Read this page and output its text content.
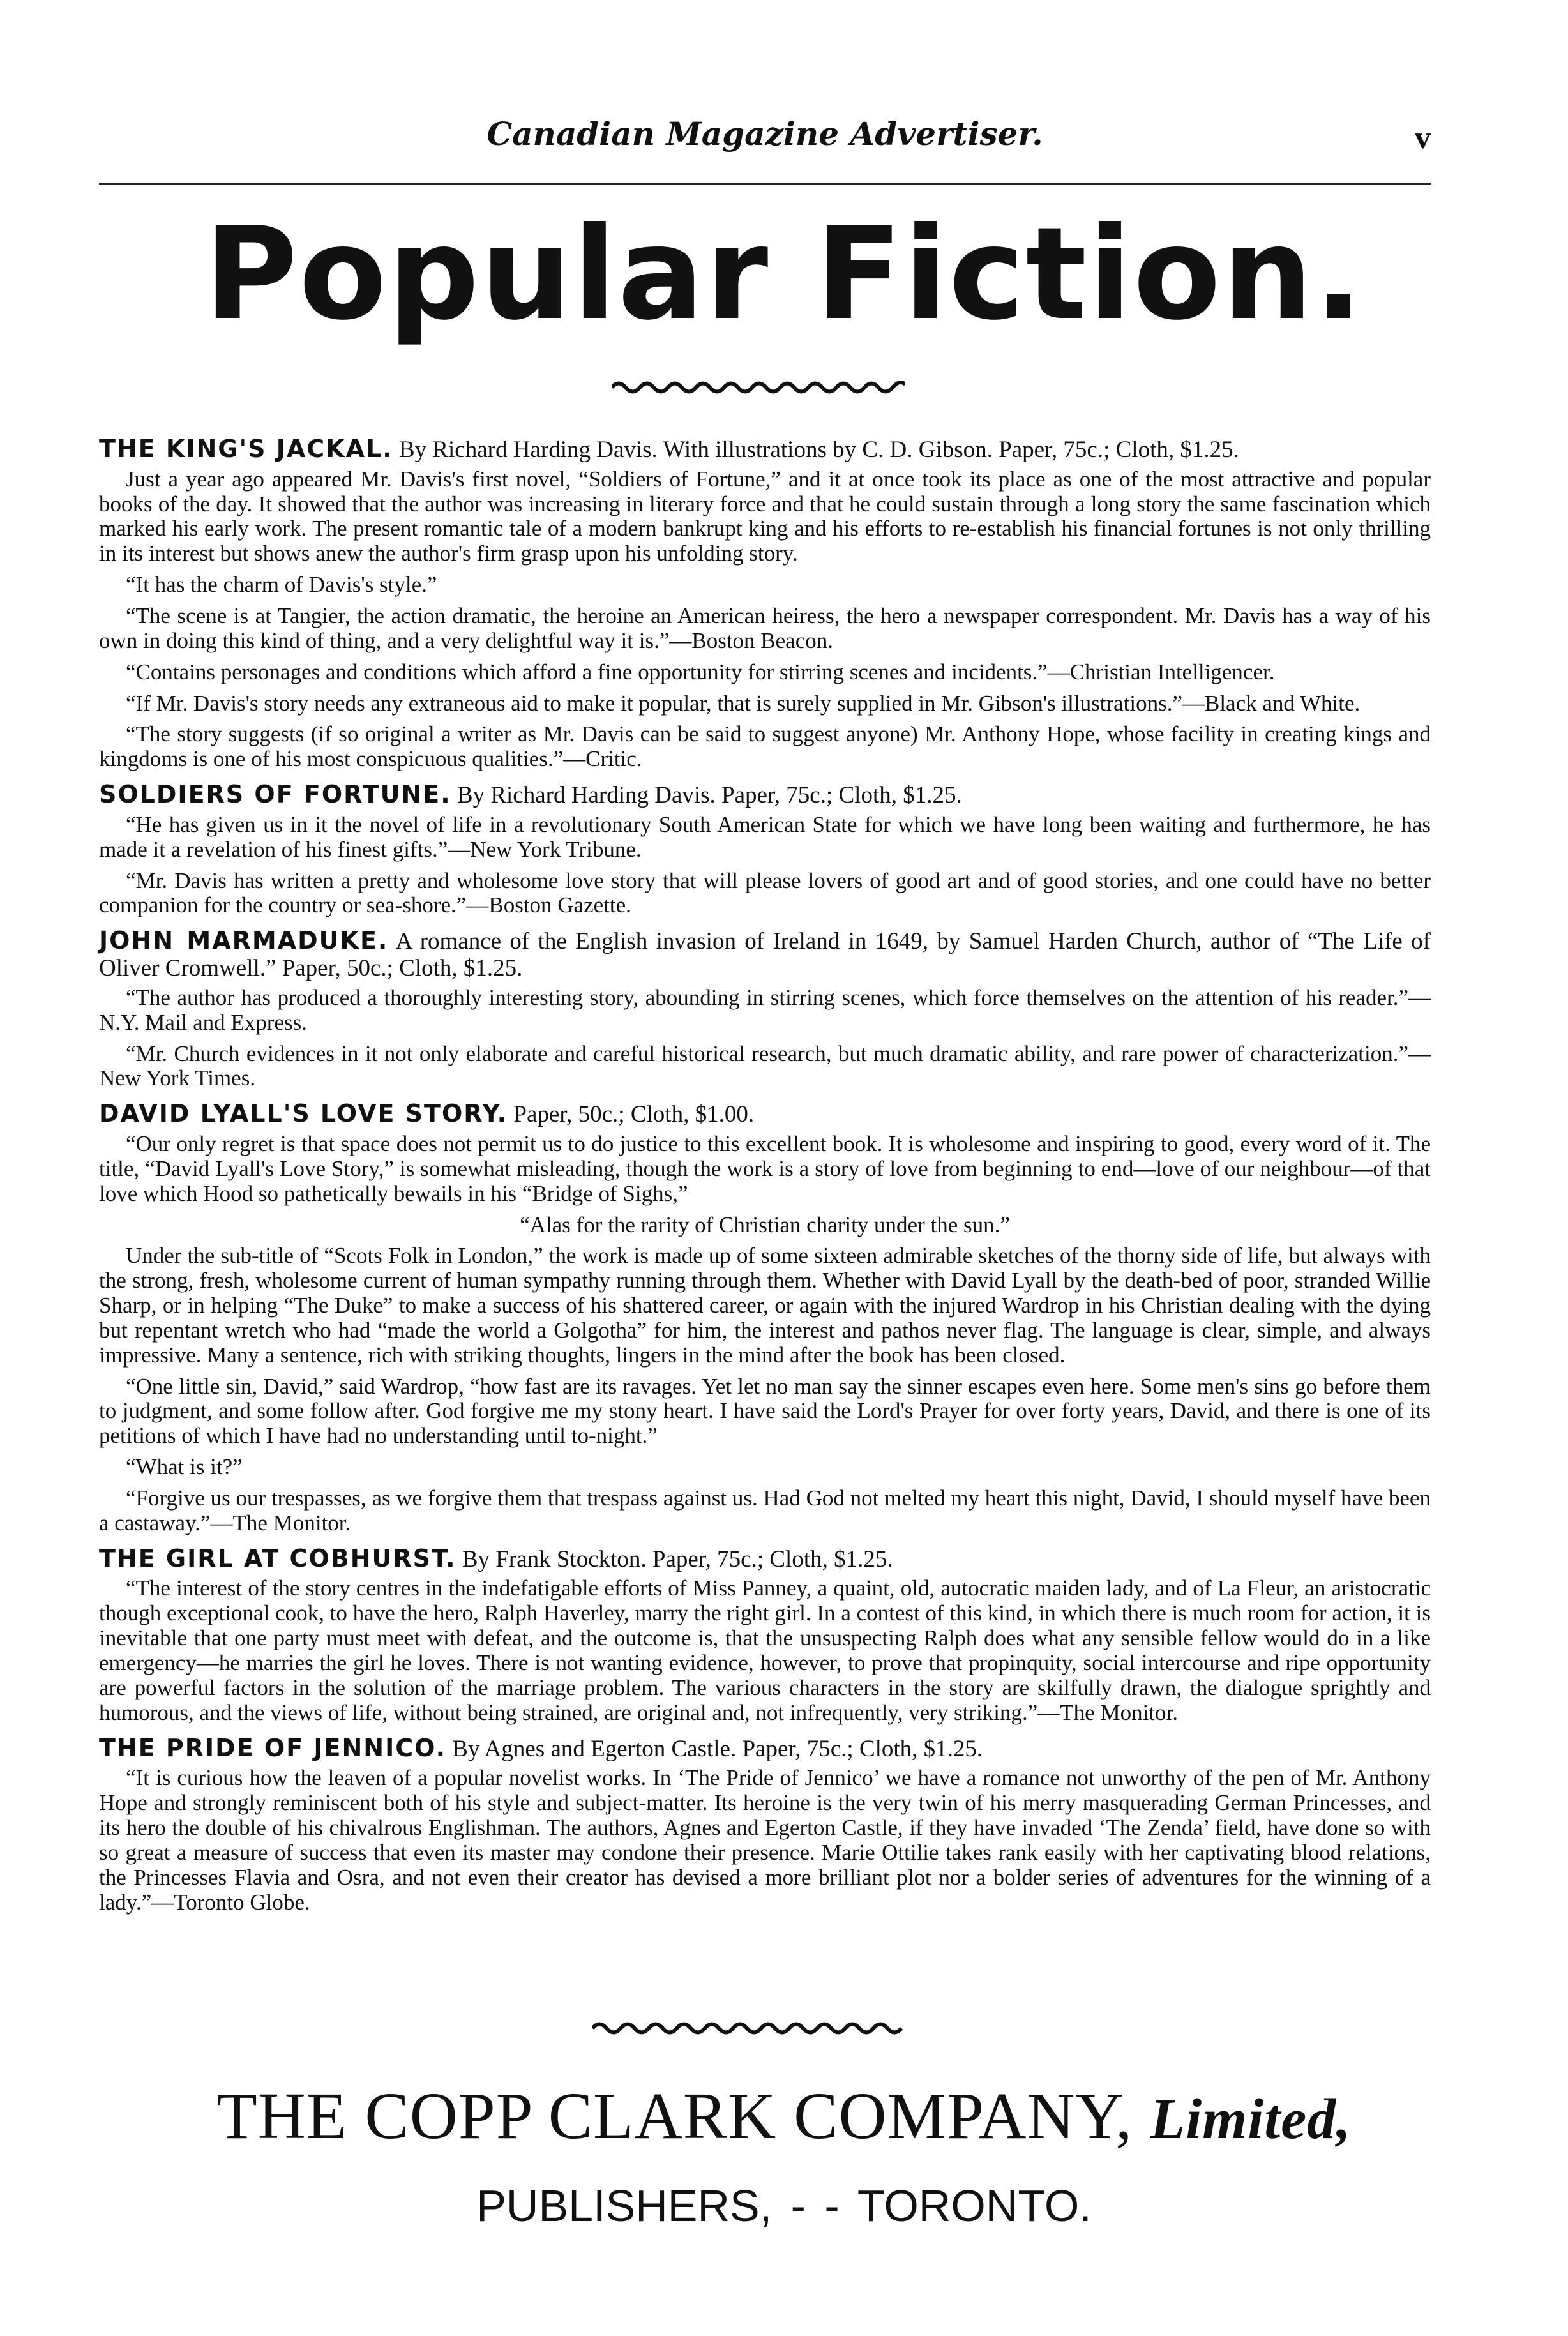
Canadian Magazine Advertiser.	v
Popular Fiction.
THE KING'S JACKAL. By Richard Harding Davis. With illustrations by C. D. Gibson. Paper, 75c.; Cloth, $1.25.

Just a year ago appeared Mr. Davis's first novel, “Soldiers of Fortune,” and it at once took its place as one of the most attractive and popular books of the day. It showed that the author was increasing in literary force and that he could sustain through a long story the same fascination which marked his early work. The present romantic tale of a modern bankrupt king and his efforts to re-establish his financial fortunes is not only thrilling in its interest but shows anew the author's firm grasp upon his unfolding story.

“It has the charm of Davis's style.”

“The scene is at Tangier, the action dramatic, the heroine an American heiress, the hero a newspaper correspondent. Mr. Davis has a way of his own in doing this kind of thing, and a very delightful way it is.”—Boston Beacon.

“Contains personages and conditions which afford a fine opportunity for stirring scenes and incidents.”—Christian Intelligencer.

“If Mr. Davis's story needs any extraneous aid to make it popular, that is surely supplied in Mr. Gibson's illustrations.”—Black and White.

“The story suggests (if so original a writer as Mr. Davis can be said to suggest anyone) Mr. Anthony Hope, whose facility in creating kings and kingdoms is one of his most conspicuous qualities.”—Critic.

SOLDIERS OF FORTUNE. By Richard Harding Davis. Paper, 75c.; Cloth, $1.25.

“He has given us in it the novel of life in a revolutionary South American State for which we have long been waiting and furthermore, he has made it a revelation of his finest gifts.”—New York Tribune.

“Mr. Davis has written a pretty and wholesome love story that will please lovers of good art and of good stories, and one could have no better companion for the country or sea-shore.”—Boston Gazette.

JOHN MARMADUKE. A romance of the English invasion of Ireland in 1649, by Samuel Harden Church, author of “The Life of Oliver Cromwell.” Paper, 50c.; Cloth, $1.25.

“The author has produced a thoroughly interesting story, abounding in stirring scenes, which force themselves on the attention of his reader.”—N.Y. Mail and Express.

“Mr. Church evidences in it not only elaborate and careful historical research, but much dramatic ability, and rare power of characterization.”—New York Times.

DAVID LYALL'S LOVE STORY. Paper, 50c.; Cloth, $1.00.

“Our only regret is that space does not permit us to do justice to this excellent book. It is wholesome and inspiring to good, every word of it. The title, “David Lyall's Love Story,” is somewhat misleading, though the work is a story of love from beginning to end—love of our neighbour—of that love which Hood so pathetically bewails in his “Bridge of Sighs,”

“Alas for the rarity of Christian charity under the sun.”

Under the sub-title of “Scots Folk in London,” the work is made up of some sixteen admirable sketches of the thorny side of life, but always with the strong, fresh, wholesome current of human sympathy running through them. Whether with David Lyall by the death-bed of poor, stranded Willie Sharp, or in helping “The Duke” to make a success of his shattered career, or again with the injured Wardrop in his Christian dealing with the dying but repentant wretch who had “made the world a Golgotha” for him, the interest and pathos never flag. The language is clear, simple, and always impressive. Many a sentence, rich with striking thoughts, lingers in the mind after the book has been closed.

“One little sin, David,” said Wardrop, “how fast are its ravages. Yet let no man say the sinner escapes even here. Some men's sins go before them to judgment, and some follow after. God forgive me my stony heart. I have said the Lord's Prayer for over forty years, David, and there is one of its petitions of which I have had no understanding until to-night.”

“What is it?”

“Forgive us our trespasses, as we forgive them that trespass against us. Had God not melted my heart this night, David, I should myself have been a castaway.”—The Monitor.

THE GIRL AT COBHURST. By Frank Stockton. Paper, 75c.; Cloth, $1.25.

“The interest of the story centres in the indefatigable efforts of Miss Panney, a quaint, old, autocratic maiden lady, and of La Fleur, an aristocratic though exceptional cook, to have the hero, Ralph Haverley, marry the right girl. In a contest of this kind, in which there is much room for action, it is inevitable that one party must meet with defeat, and the outcome is, that the unsuspecting Ralph does what any sensible fellow would do in a like emergency—he marries the girl he loves. There is not wanting evidence, however, to prove that propinquity, social intercourse and ripe opportunity are powerful factors in the solution of the marriage problem. The various characters in the story are skilfully drawn, the dialogue sprightly and humorous, and the views of life, without being strained, are original and, not infrequently, very striking.”—The Monitor.

THE PRIDE OF JENNICO. By Agnes and Egerton Castle. Paper, 75c.; Cloth, $1.25.

“It is curious how the leaven of a popular novelist works. In ‘The Pride of Jennico’ we have a romance not unworthy of the pen of Mr. Anthony Hope and strongly reminiscent both of his style and subject-matter. Its heroine is the very twin of his merry masquerading German Princesses, and its hero the double of his chivalrous Englishman. The authors, Agnes and Egerton Castle, if they have invaded ‘The Zenda’ field, have done so with so great a measure of success that even its master may condone their presence. Marie Ottilie takes rank easily with her captivating blood relations, the Princesses Flavia and Osra, and not even their creator has devised a more brilliant plot nor a bolder series of adventures for the winning of a lady.”—Toronto Globe.

THE COPP CLARK COMPANY, Limited,
PUBLISHERS, - - TORONTO.
